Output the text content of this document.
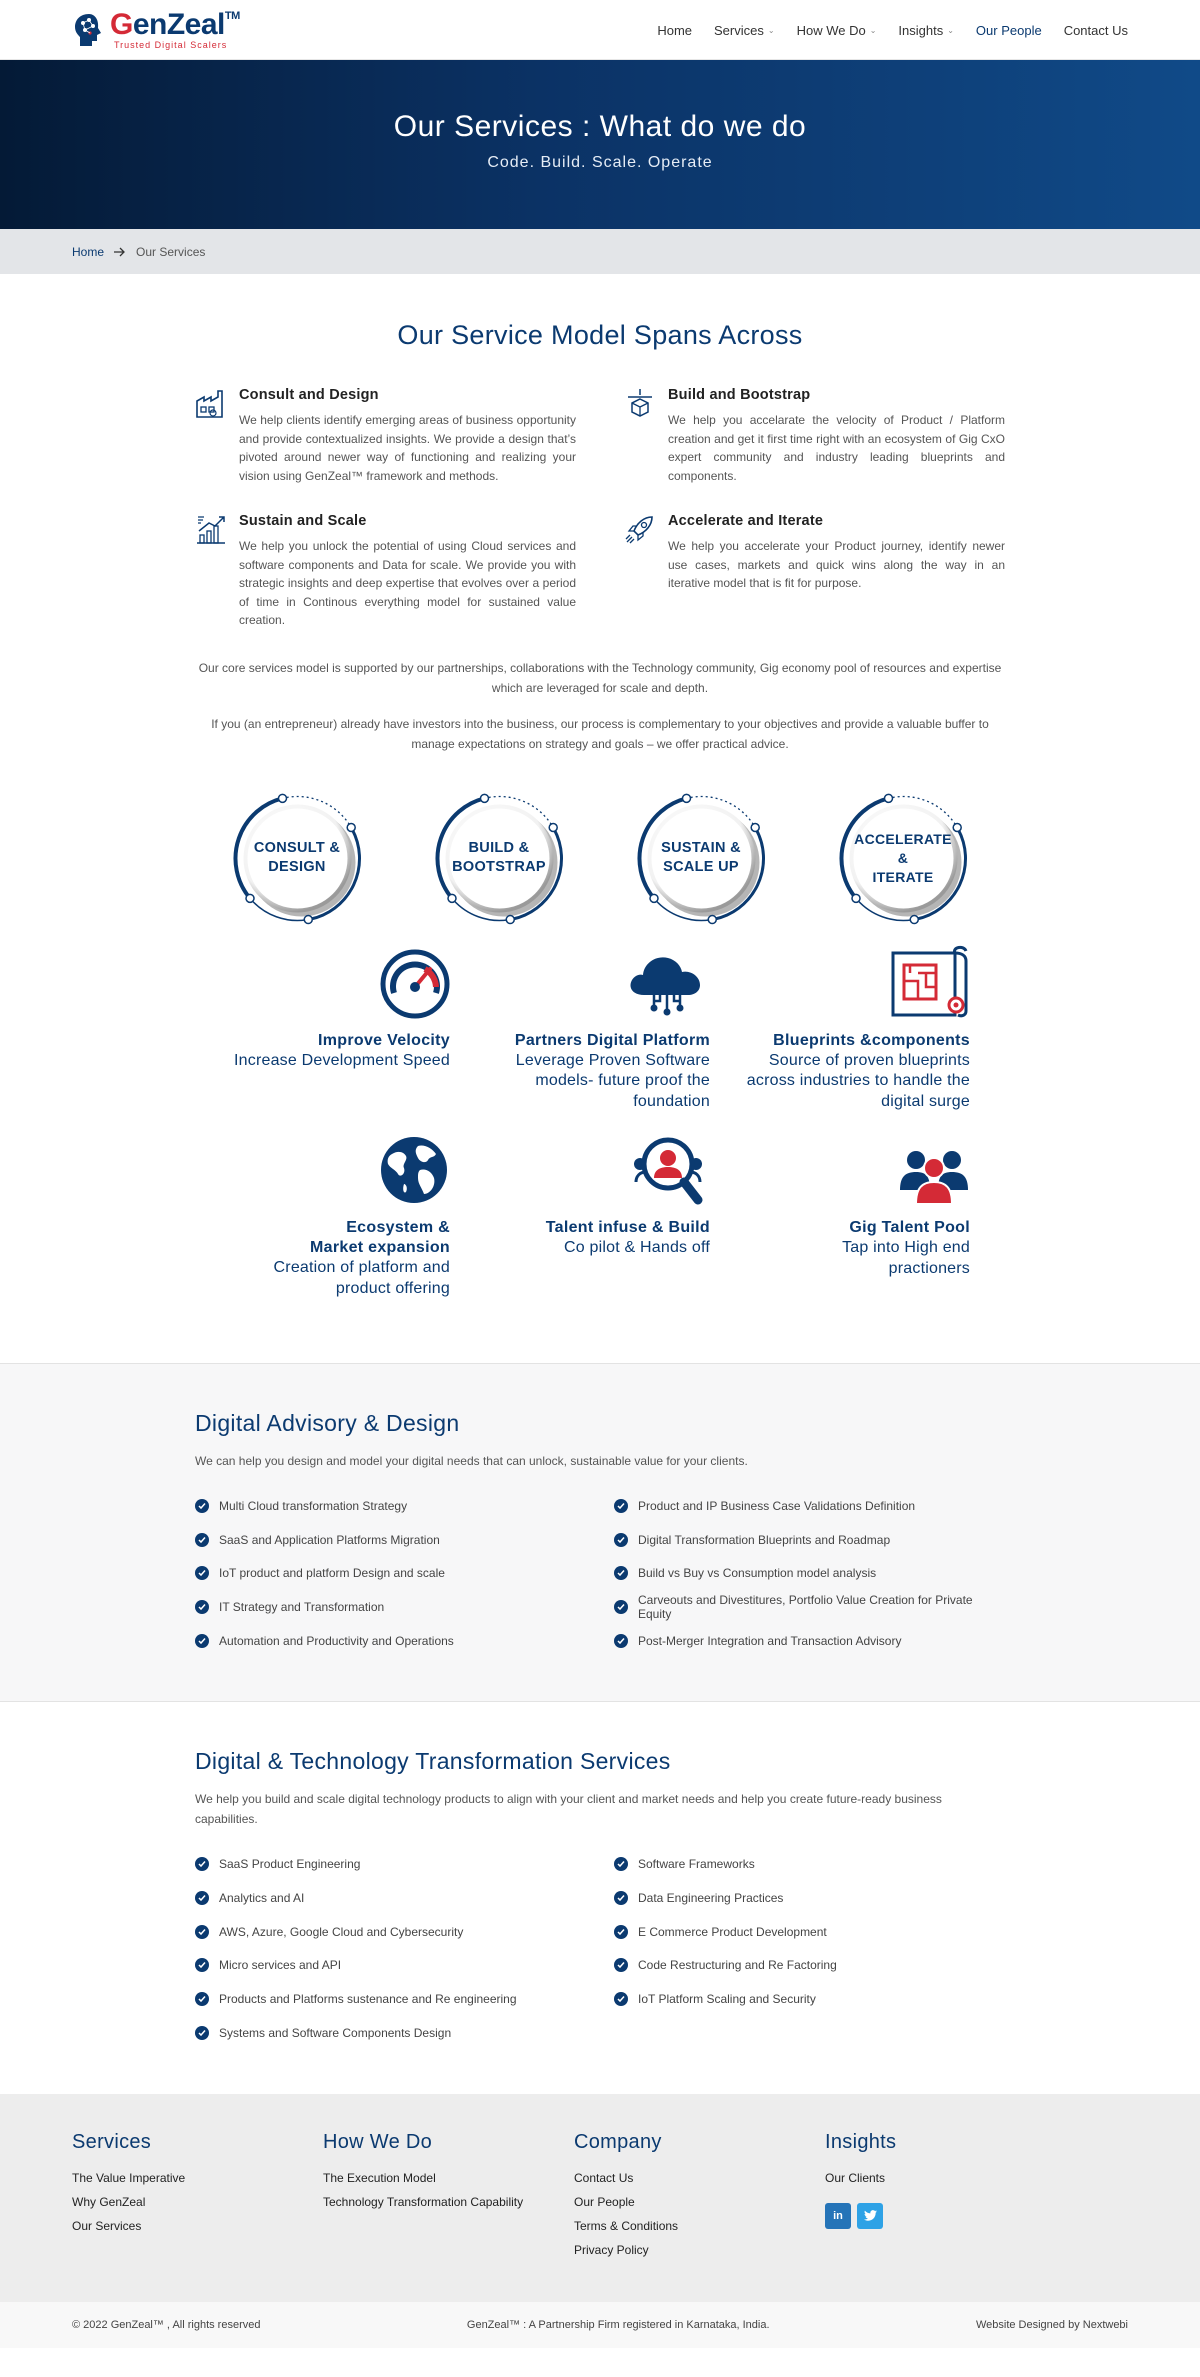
GenZeal™
Trusted Digital Scalers
Home Services ⌄ How We Do ⌄ Insights ⌄ Our People Contact Us
Our Services : What do we do

Code. Build. Scale. Operate

Home	Our Services
Our Service Model Spans Across
Consult and Design

We help clients identify emerging areas of business opportunity and provide contextualized insights. We provide a design that’s pivoted around newer way of functioning and realizing your vision using GenZeal™ framework and methods.

Build and Bootstrap

We help you accelarate the velocity of Product / Platform creation and get it first time right with an ecosystem of Gig CxO expert community and industry leading blueprints and components.

Sustain and Scale

We help you unlock the potential of using Cloud services and software components and Data for scale. We provide you with strategic insights and deep expertise that evolves over a period of time in Continous everything model for sustained value creation.

Accelerate and Iterate

We help you accelerate your Product journey, identify newer use cases, markets and quick wins along the way in an iterative model that is fit for purpose.

Our core services model is supported by our partnerships, collaborations with the Technology community, Gig economy pool of resources and expertise which are leveraged for scale and depth.

If you (an entrepreneur) already have investors into the business, our process is complementary to your objectives and provide a valuable buffer to manage expectations on strategy and goals – we offer practical advice.

CONSULT &
DESIGN
BUILD &
BOOTSTRAP
SUSTAIN &
SCALE UP
ACCELERATE
&
ITERATE
Improve Velocity

Increase Development Speed

Partners Digital Platform

Leverage Proven Software models- future proof the foundation

Blueprints &components

Source of proven blueprints across industries to handle the digital surge

Ecosystem & Market expansion

Creation of platform and product offering

Talent infuse & Build

Co pilot & Hands off

Gig Talent Pool

Tap into High end practioners

Digital Advisory & Design

We can help you design and model your digital needs that can unlock, sustainable value for your clients.

Multi Cloud transformation Strategy
SaaS and Application Platforms Migration
IoT product and platform Design and scale
IT Strategy and Transformation
Automation and Productivity and Operations
Product and IP Business Case Validations Definition
Digital Transformation Blueprints and Roadmap
Build vs Buy vs Consumption model analysis
Carveouts and Divestitures, Portfolio Value Creation for Private Equity
Post-Merger Integration and Transaction Advisory
Digital & Technology Transformation Services

We help you build and scale digital technology products to align with your client and market needs and help you create future-ready business capabilities.

SaaS Product Engineering
Analytics and AI
AWS, Azure, Google Cloud and Cybersecurity
Micro services and API
Products and Platforms sustenance and Re engineering
Systems and Software Components Design
Software Frameworks
Data Engineering Practices
E Commerce Product Development
Code Restructuring and Re Factoring
IoT Platform Scaling and Security
Services
The Value Imperative
Why GenZeal
Our Services
How We Do
The Execution Model
Technology Transformation Capability
Company
Contact Us
Our People
Terms & Conditions
Privacy Policy
Insights
Our Clients
in
© 2022 GenZeal™ , All rights reserved	GenZeal™ : A Partnership Firm registered in Karnataka, India.	Website Designed by Nextwebi
